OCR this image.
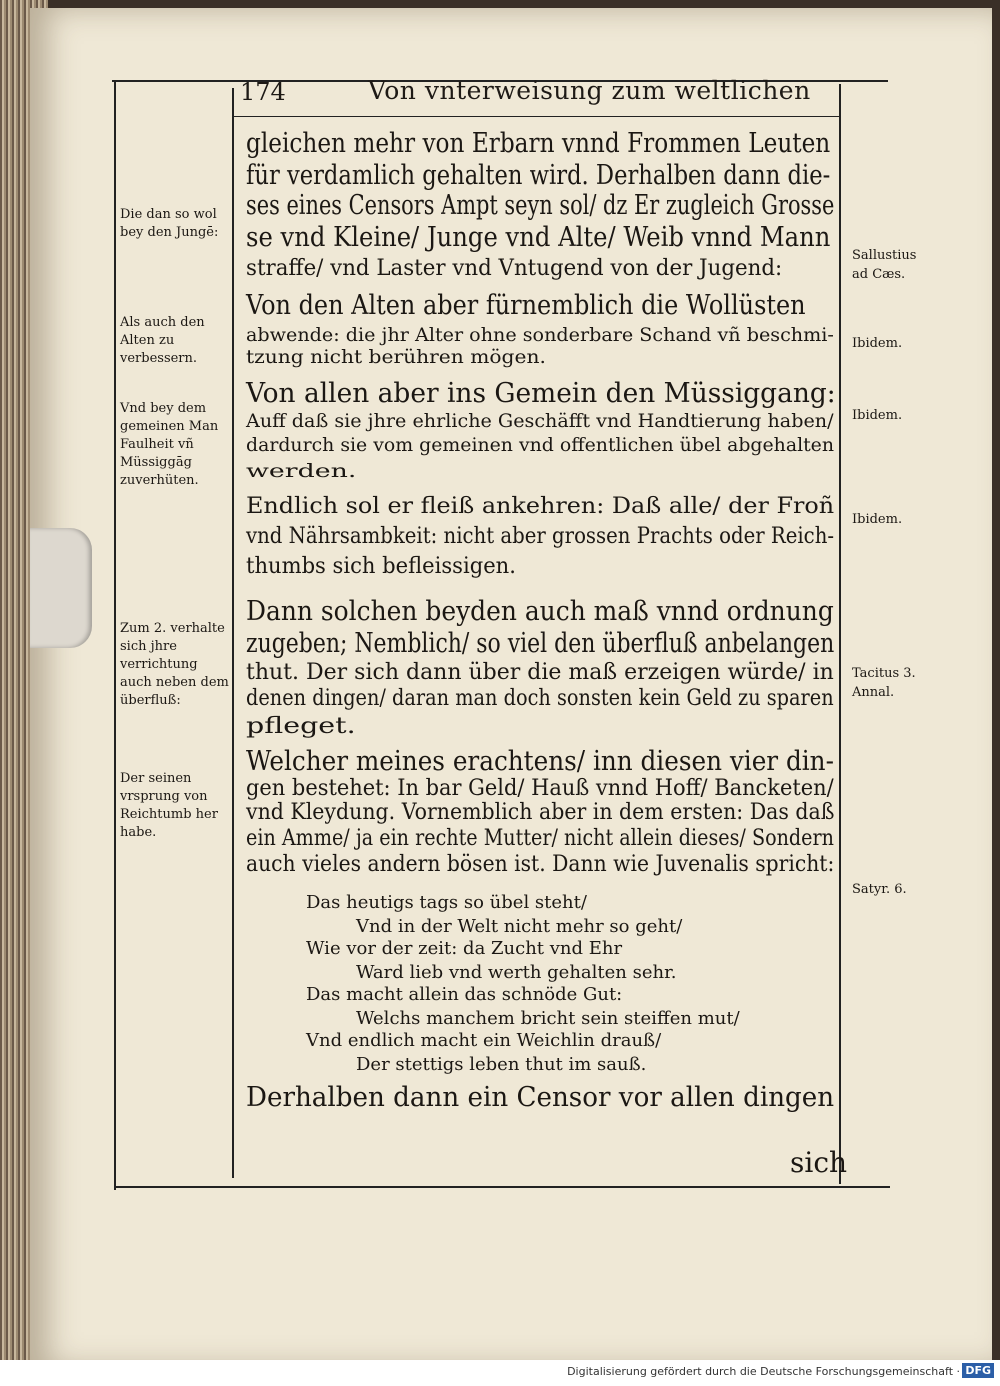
174	Von vnterweisung zum weltlichen
gleichen mehr von Erbarn vnnd Frommen Leuten
für verdamlich gehalten wird. Derhalben dann die-
ses eines Censors Ampt seyn sol/ dz Er zugleich Grosse
se vnd Kleine/ Junge vnd Alte/ Weib vnnd Mann
straffe/ vnd Laster vnd Vntugend von der Jugend:
Von den Alten aber fürnemblich die Wollüsten
abwende: die jhr Alter ohne sonderbare Schand vñ beschmi-
tzung nicht berühren mögen.
Von allen aber ins Gemein den Müssiggang:
Auff daß sie jhre ehrliche Geschäfft vnd Handtierung haben/
dardurch sie vom gemeinen vnd offentlichen übel abgehalten
werden.
Endlich sol er fleiß ankehren: Daß alle/ der Froñ
vnd Nährsambkeit: nicht aber grossen Prachts oder Reich-
thumbs sich befleissigen.
Dann solchen beyden auch maß vnnd ordnung
zugeben; Nemblich/ so viel den überfluß anbelangen
thut. Der sich dann über die maß erzeigen würde/ in
denen dingen/ daran man doch sonsten kein Geld zu sparen
pfleget.
Welcher meines erachtens/ inn diesen vier din-
gen bestehet: In bar Geld/ Hauß vnnd Hoff/ Bancketen/
vnd Kleydung. Vornemblich aber in dem ersten: Das daß
ein Amme/ ja ein rechte Mutter/ nicht allein dieses/ Sondern
auch vieles andern bösen ist. Dann wie Juvenalis spricht:
Das heutigs tags so übel steht/
Vnd in der Welt nicht mehr so geht/
Wie vor der zeit: da Zucht vnd Ehr
Ward lieb vnd werth gehalten sehr.
Das macht allein das schnöde Gut:
Welchs manchem bricht sein steiffen mut/
Vnd endlich macht ein Weichlin drauß/
Der stettigs leben thut im sauß.
Derhalben dann ein Censor vor allen dingen
Die dan so wol bey den Jungē:
Als auch den Alten zu verbessern.
Vnd bey dem gemeinen Man Faulheit vñ Müssiggāg zuverhüten.
Zum 2. verhalte sich jhre verrichtung auch neben dem überfluß:
Der seinen vrsprung von Reichtumb her habe.
Sallustius ad Cæs.
Ibidem.
Ibidem.
Ibidem.
Tacitus 3. Annal.
Satyr. 6.
sich
Digitalisierung gefördert durch die Deutsche Forschungsgemeinschaft · DFG
